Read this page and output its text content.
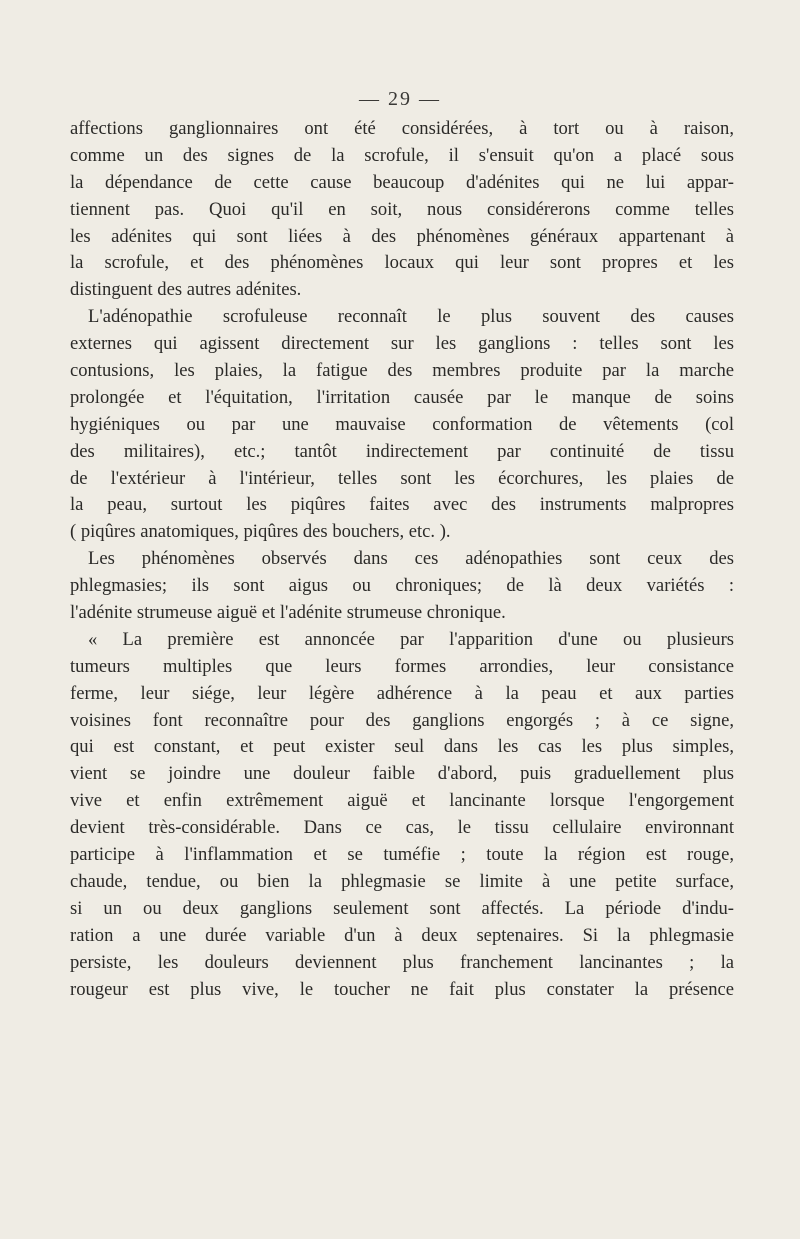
— 29 —
affections ganglionnaires ont été considérées, à tort ou à raison,
comme un des signes de la scrofule, il s'ensuit qu'on a placé sous
la dépendance de cette cause beaucoup d'adénites qui ne lui appar-
tiennent pas. Quoi qu'il en soit, nous considérerons comme telles
les adénites qui sont liées à des phénomènes généraux appartenant à
la scrofule, et des phénomènes locaux qui leur sont propres et les
distinguent des autres adénites.
L'adénopathie scrofuleuse reconnaît le plus souvent des causes
externes qui agissent directement sur les ganglions : telles sont les
contusions, les plaies, la fatigue des membres produite par la marche
prolongée et l'équitation, l'irritation causée par le manque de soins
hygiéniques ou par une mauvaise conformation de vêtements (col
des militaires), etc.; tantôt indirectement par continuité de tissu
de l'extérieur à l'intérieur, telles sont les écorchures, les plaies de
la peau, surtout les piqûres faites avec des instruments malpropres
( piqûres anatomiques, piqûres des bouchers, etc. ).
Les phénomènes observés dans ces adénopathies sont ceux des
phlegmasies; ils sont aigus ou chroniques; de là deux variétés :
l'adénite strumeuse aiguë et l'adénite strumeuse chronique.
« La première est annoncée par l'apparition d'une ou plusieurs
tumeurs multiples que leurs formes arrondies, leur consistance
ferme, leur siége, leur légère adhérence à la peau et aux parties
voisines font reconnaître pour des ganglions engorgés ; à ce signe,
qui est constant, et peut exister seul dans les cas les plus simples,
vient se joindre une douleur faible d'abord, puis graduellement plus
vive et enfin extrêmement aiguë et lancinante lorsque l'engorgement
devient très-considérable. Dans ce cas, le tissu cellulaire environnant
participe à l'inflammation et se tuméfie ; toute la région est rouge,
chaude, tendue, ou bien la phlegmasie se limite à une petite surface,
si un ou deux ganglions seulement sont affectés. La période d'indu-
ration a une durée variable d'un à deux septenaires. Si la phlegmasie
persiste, les douleurs deviennent plus franchement lancinantes ; la
rougeur est plus vive, le toucher ne fait plus constater la présence
